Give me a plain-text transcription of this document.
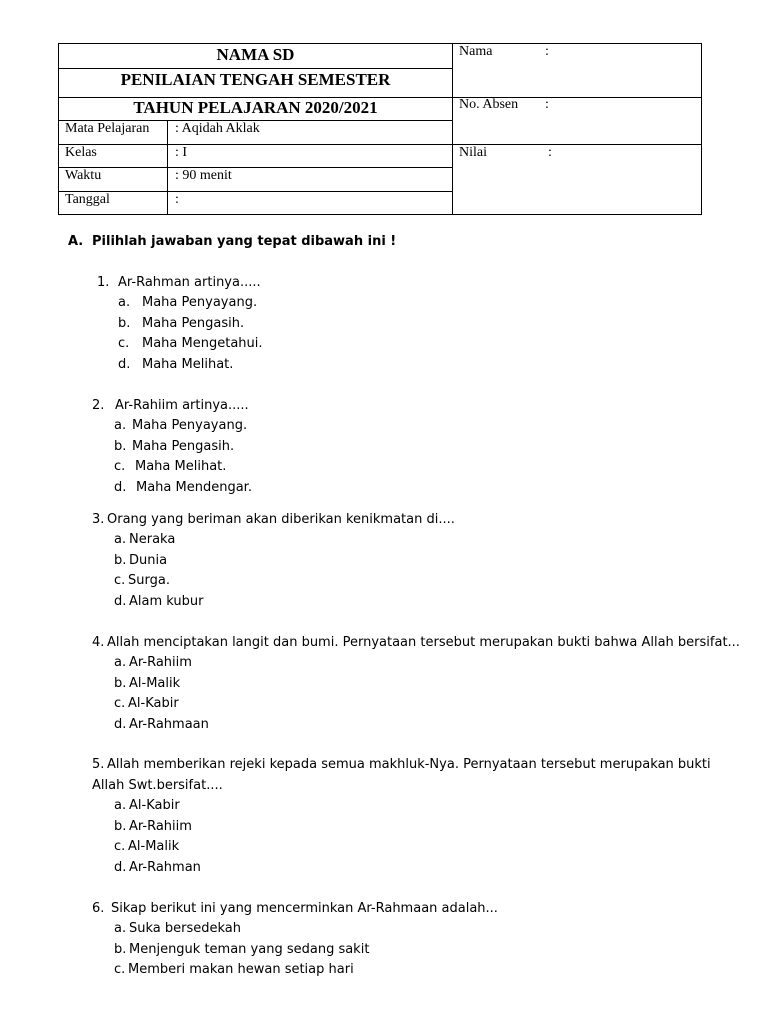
NAMA SD
PENILAIAN TENGAH SEMESTER
TAHUN PELAJARAN 2020/2021
Mata Pelajaran : Aqidah Aklak
Kelas	: I
Waktu	: 90 menit
Tanggal	:
Nama	:
No. Absen :
Nilai	:
A. Pilihlah jawaban yang tepat dibawah ini !
1. Ar-Rahman artinya.....
a. Maha Penyayang.
b. Maha Pengasih.
c. Maha Mengetahui.
d. Maha Melihat.
2. Ar-Rahiim artinya.....
a. Maha Penyayang.
b. Maha Pengasih.
c. Maha Melihat.
d. Maha Mendengar.
3. Orang yang beriman akan diberikan kenikmatan di....
a. Neraka
b. Dunia
c. Surga.
d. Alam kubur
4. Allah menciptakan langit dan bumi. Pernyataan tersebut merupakan bukti bahwa Allah bersifat...
a. Ar-Rahiim
b. Al-Malik
c. Al-Kabir
d. Ar-Rahmaan
5. Allah memberikan rejeki kepada semua makhluk-Nya. Pernyataan tersebut merupakan bukti
Allah Swt.bersifat....
a. Al-Kabir
b. Ar-Rahiim
c. Al-Malik
d. Ar-Rahman
6. Sikap berikut ini yang mencerminkan Ar-Rahmaan adalah...
a. Suka bersedekah
b. Menjenguk teman yang sedang sakit
c. Memberi makan hewan setiap hari
